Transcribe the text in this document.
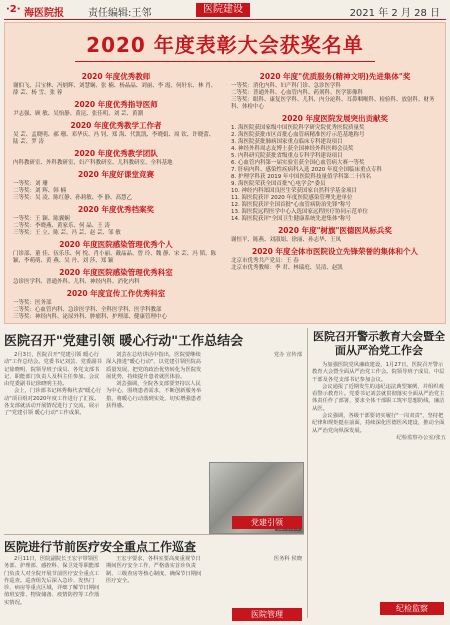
·2· 海医院报 责任编辑:王邻	医院建设	2021 年 2 月 28 日
2020 年度表彰大会获奖名单
2020 年度优秀教师
谢伯飞、吕宝林、冯炳辉、刘慧娴、张 楠、杨晶晶、刘丽、李 霞、何轩东、林 肖、薛 芸、杨 雪、张 蓉
2020 年度优秀指导医师
尹志强、顾 敏、吴怡静、黄昆、张佳明、刘 芸、黄潮
2020 年度优秀教学工作者
吴 芸、孟晓明、郝 珊、邓华庆、冯 钊、郑 海、代凯凯、李晓娟、周 钦、许晓蕾、陆 芸、罗 涛
2020 年度优秀教学团队
内科教研室、外科教研室、妇产科教研室、儿科教研室、全科基地
2020 年度好课堂竞赛
一等奖：刘 珊
二等奖：刘 辉、韩 楠
三等奖：吴 凌、陈红静、孙莉敏、李 静、高慧乙
2020 年度优秀档案奖
一等奖：王 颖、陈翼娴
二等奖：李晓燕、黄家乐、何 晶、王 涛
三等奖：王 立、陈 芸、冯 芸、赵 芸、邹 敏
2020 年度医院感染管理优秀个人
门诊部、董 佳、伍乐乐、何 悦、肖小丽、戴晶晶、曾 玲、魏 静、宋 芸、冯 韬、陈 颖、李萌萌、黄 燕、吴 丹、刘 莎、郑 颖
2020 年度医院感染管理优秀科室
急诊医学科、普通外科、儿科、神经内科、消化内科
2020 年度宣传工作优秀科室
一等奖：医务部
二等奖：心血管内科、急诊医学科、全科医学科、医学科教部
三等奖：神经内科、泌尿外科、肿瘤科、护理部、健康管理中心
2020 年度"优质服务(精神文明)先进集体"奖
一等奖：消化内科、妇产科门诊、急诊医学科
二等奖：普通外科、心血管内科、药剂科、医学影像科
三等奖：眼科、康复医学科、儿科、内分泌科、耳鼻咽喉科、检验科、放射科、财务科、体检中心
2020 年度医院发展突出贡献奖
1. 海医院获国家级中国医院科学研究院优秀医院质量奖
2. 海医院获批市区首批心血管病精准医疗示范基地称号
3. 海医院获批肺病国家重点临床专科建设项目
4. 神经外科周志友博士获全国神经外科医师会员奖
5. 内科研究院获批省级重点专科学科建设项目
6. 心血管内科第一届实验室获全国心血管病大赛一等奖
7. 肝病内科、感染性疾病科入选 2020 年度全国临床重点专科
8. 护理学科获 2019 年中国医院科技量值学科第二十四名
9. 海医院荣获全国首批"心电学会"委员
10. 神经内科郑国良医生荣获国家自然科学基金项目
11. 海医院获评 2020 年度医院感染管理先进单位
12. 海医院获评全国首批"心血管病防治先锋"称号
13. 海医院远程医学中心入选国家远程医疗协同示范单位
14. 海医院获评"全国卫生健康系统先进集体"称号
2020 年度"树旗"医德医风标兵奖
谢恒平、陈燕、刘淑娟、徐丽、孙志华、王凤
2020 年度全体市医院设立先锋荣誉的集体和个人
北京市优秀共产党员：王 春
北京市优秀教师：季 君、林瑞庭、吴清、赵凯
医院召开"党建引领 暖心行动"工作总结会

2月3日，医院召开"党建引领 暖心行动"工作总结会。党委书记刘芸、党委副书记徐晓明、院领导班子成员、各党支部书记、职能部门负责人及科主任参加。会议由党委副书记徐晓明主持。

会上，门诊部书记林秀梅代表"暖心行动"项目组对2020年度工作进行了汇报。各支部就活动开展情况进行了交流，展示了"党建引领 暖心行动"工作成果。

刘芸在总结讲话中指出，医院要继续深入推进"暖心行动"，以党建引领医院高质量发展，把党的政治优势转化为医院发展优势，持续提升患者就医体验。

刘芸强调，全院各支部要坚持以人民为中心，围绕患者需求，不断创新服务举措，将暖心行动落到实处，切实增强患者获得感。

党办 宣传部

党建引领
医院进行节前医疗安全重点工作巡查

2月11日，医院副院长王宏宇带领医务部、护理部、感控科、保卫处等职能部门负责人对全院开展节前医疗安全重点工作巡查。巡查组先后深入急诊、发热门诊、病房等重点区域，详细了解节日期间值班安排、物资储备、疫情防控等工作落实情况。

王宏宇要求，各科室要高度重视节日期间医疗安全工作，严格落实首诊负责制、三级查房等核心制度，确保节日期间医疗安全。

医务科 侯晓

医院管理
医院召开警示教育大会暨全面从严治党工作会

为加强医院党风廉政建设，1月27日，医院召开警示教育大会暨全面从严治党工作会。院领导班子成员、中层干部及各党支部书记参加会议。

会议通报了近期发生的违纪违法典型案例，并组织观看警示教育片。党委书记刘芸就贯彻落实全面从严治党主体责任作了部署，要求全体干部职工筑牢思想防线，廉洁从医。

会议强调，各级干部要切实履行"一岗双责"，坚持把纪律和规矩挺在前面，持续深化医德医风建设，推动全面从严治党向纵深发展。

纪检监察办公室/张五

纪检监察
